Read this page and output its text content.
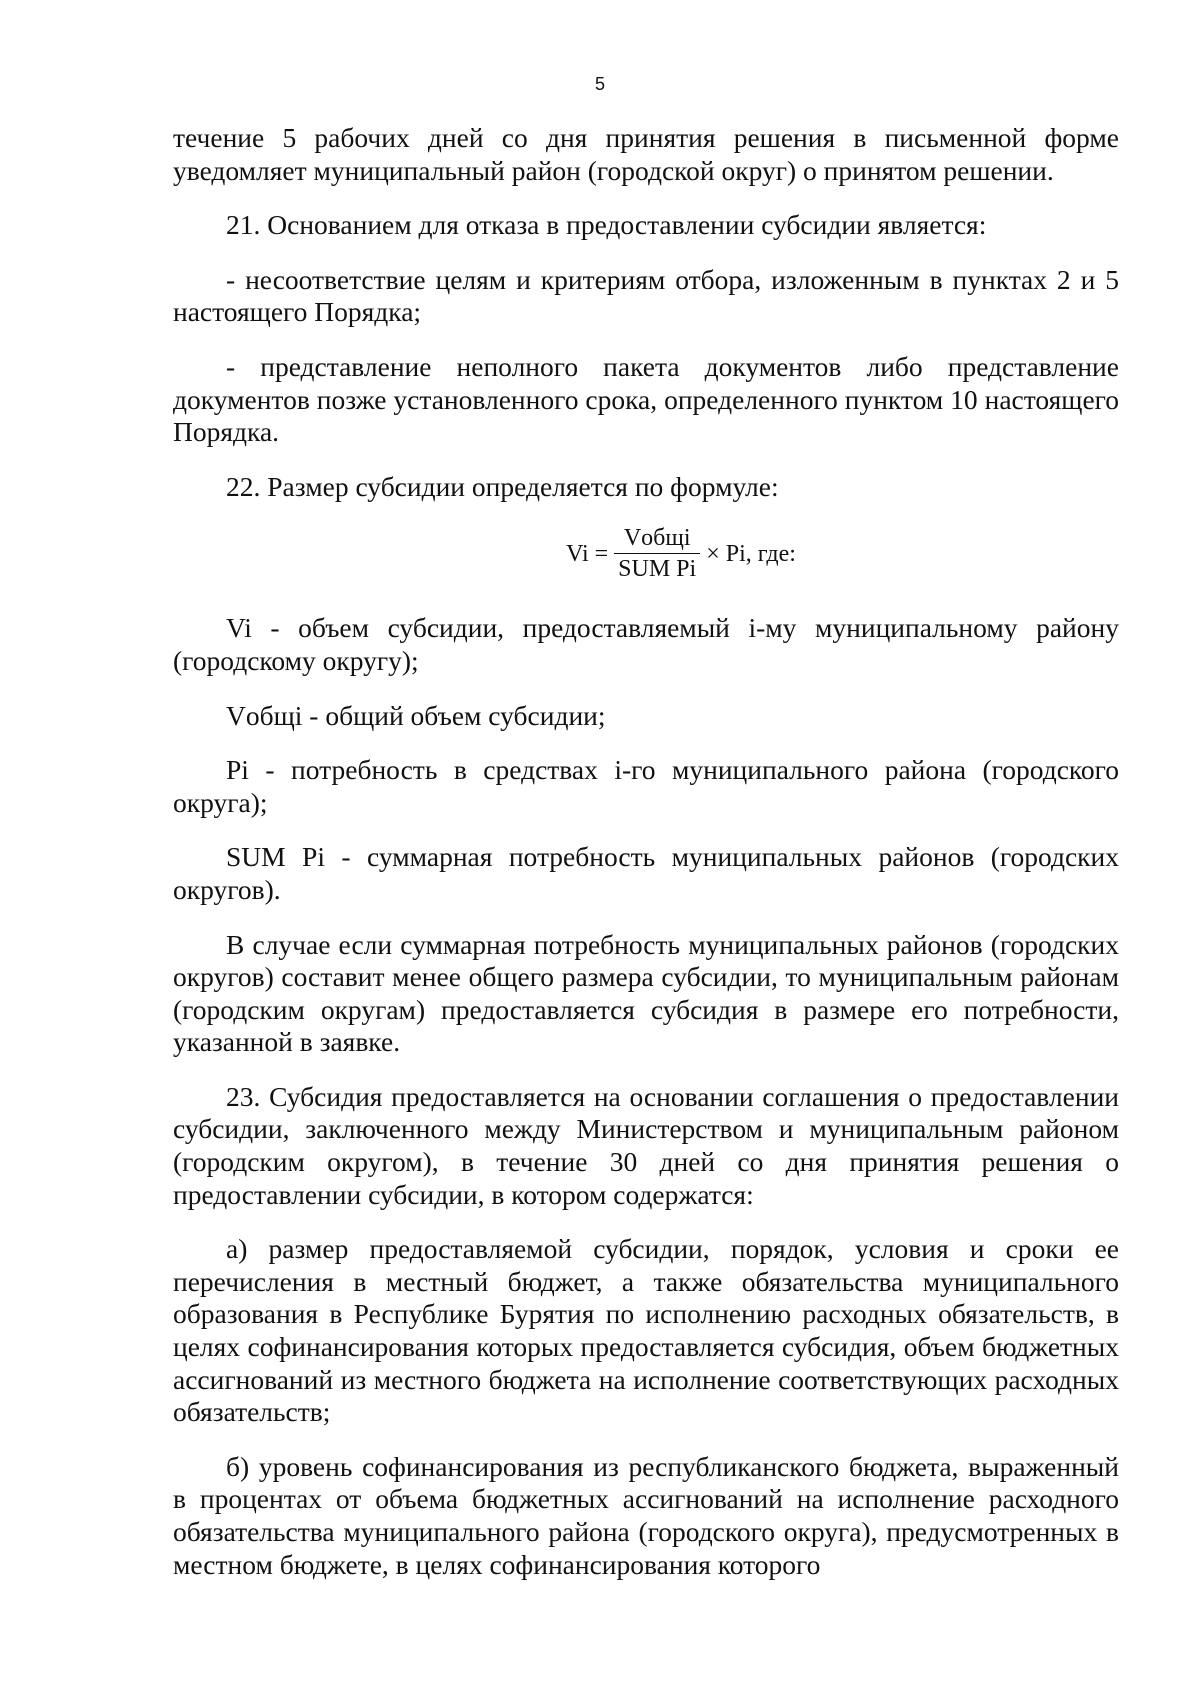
5

течение 5 рабочих дней со дня принятия решения в письменной форме уведомляет муниципальный район (городской округ) о принятом решении.

21. Основанием для отказа в предоставлении субсидии является:

- несоответствие целям и критериям отбора, изложенным в пунктах 2 и 5 настоящего Порядка;

- представление неполного пакета документов либо представление документов позже установленного срока, определенного пунктом 10 настоящего Порядка.

22. Размер субсидии определяется по формуле:

$Vi = \frac{\text{Vобщi}}{\text{SUM Pi}} \times Pi$, где:

Vi - объем субсидии, предоставляемый i-му муниципальному району (городскому округу);

Vобщi - общий объем субсидии;

Pi - потребность в средствах i-го муниципального района (городского округа);

SUM Pi - суммарная потребность муниципальных районов (городских округов).

В случае если суммарная потребность муниципальных районов (городских округов) составит менее общего размера субсидии, то муниципальным районам (городским округам) предоставляется субсидия в размере его потребности, указанной в заявке.

23. Субсидия предоставляется на основании соглашения о предоставлении субсидии, заключенного между Министерством и муниципальным районом (городским округом), в течение 30 дней со дня принятия решения о предоставлении субсидии, в котором содержатся:

а) размер предоставляемой субсидии, порядок, условия и сроки ее перечисления в местный бюджет, а также обязательства муниципального образования в Республике Бурятия по исполнению расходных обязательств, в целях софинансирования которых предоставляется субсидия, объем бюджетных ассигнований из местного бюджета на исполнение соответствующих расходных обязательств;

б) уровень софинансирования из республиканского бюджета, выраженный в процентах от объема бюджетных ассигнований на исполнение расходного обязательства муниципального района (городского округа), предусмотренных в местном бюджете, в целях софинансирования которого
